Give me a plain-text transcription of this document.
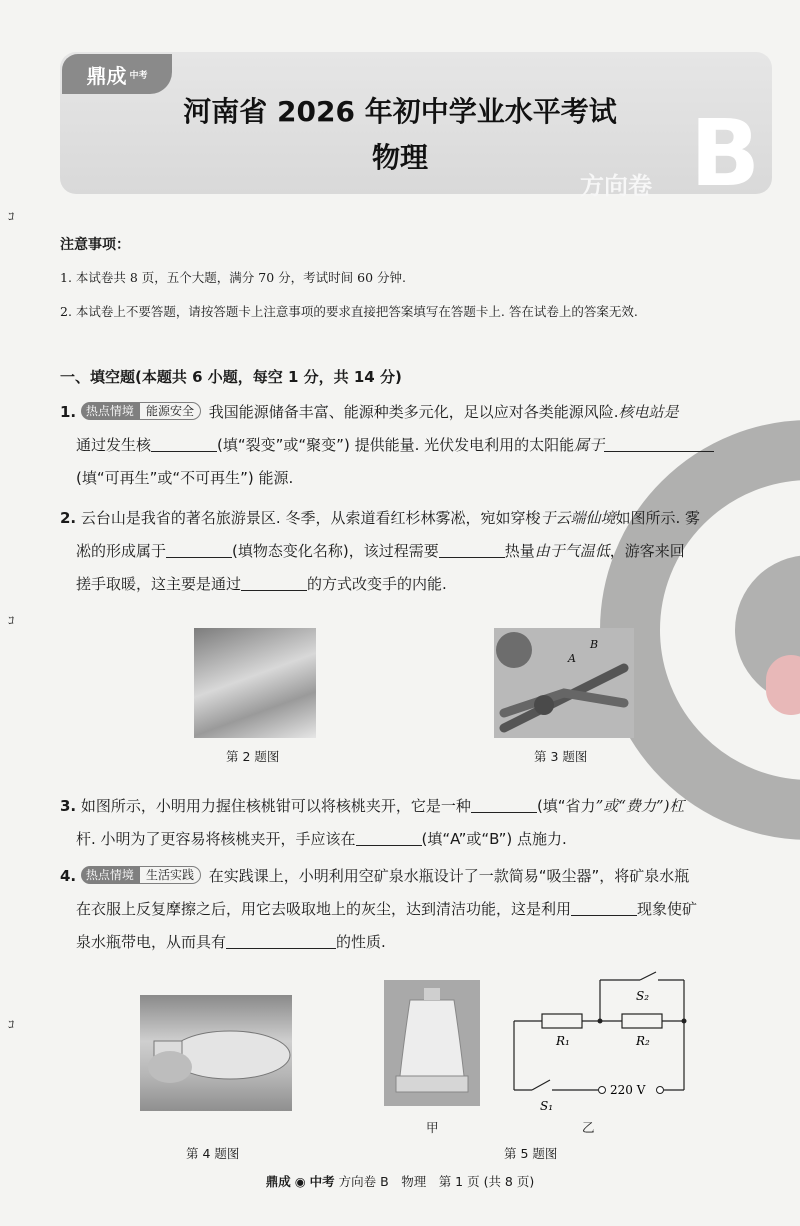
鼎成 中考
河南省 2026 年初中学业水平考试
物理
方向卷 B
注意事项：
1. 本试卷共 8 页，五个大题，满分 70 分，考试时间 60 分钟.
2. 本试卷上不要答题，请按答题卡上注意事项的要求直接把答案填写在答题卡上. 答在试卷上的答案无效.
一、填空题(本题共 6 小题，每空 1 分，共 14 分)
1. 热点情境 能源安全 我国能源储备丰富、能源种类多元化，足以应对各类能源风险.核电站是
通过发生核	(填“裂变”或“聚变”) 提供能量. 光伏发电利用的太阳能属于
(填“可再生”或“不可再生”) 能源.
2. 云台山是我省的著名旅游景区. 冬季，从索道看红杉林雾凇，宛如穿梭于云端仙境如图所示. 雾
凇的形成属于	(填物态变化名称)，该过程需要	热量由于气温低，游客来回
搓手取暖，这主要是通过	的方式改变手的内能.
第 2 题图
A
B
第 3 题图
3. 如图所示，小明用力握住核桃钳可以将核桃夹开，它是一种	(填“省力”或“费力”)杠
杆. 小明为了更容易将核桃夹开，手应该在	(填“A”或“B”) 点施力.
4. 热点情境 生活实践 在实践课上，小明利用空矿泉水瓶设计了一款简易“吸尘器”，将矿泉水瓶
在衣服上反复摩擦之后，用它去吸取地上的灰尘，达到清洁功能，这是利用	现象使矿
泉水瓶带电，从而具有	的性质.
第 4 题图
甲
R₁	R₂
S₂
S₁
220 V
乙
第 5 题图
鼎成 ◉ 中考 方向卷 B　物理　第 1 页 (共 8 页)
ｺ
ｺ
ｺ
